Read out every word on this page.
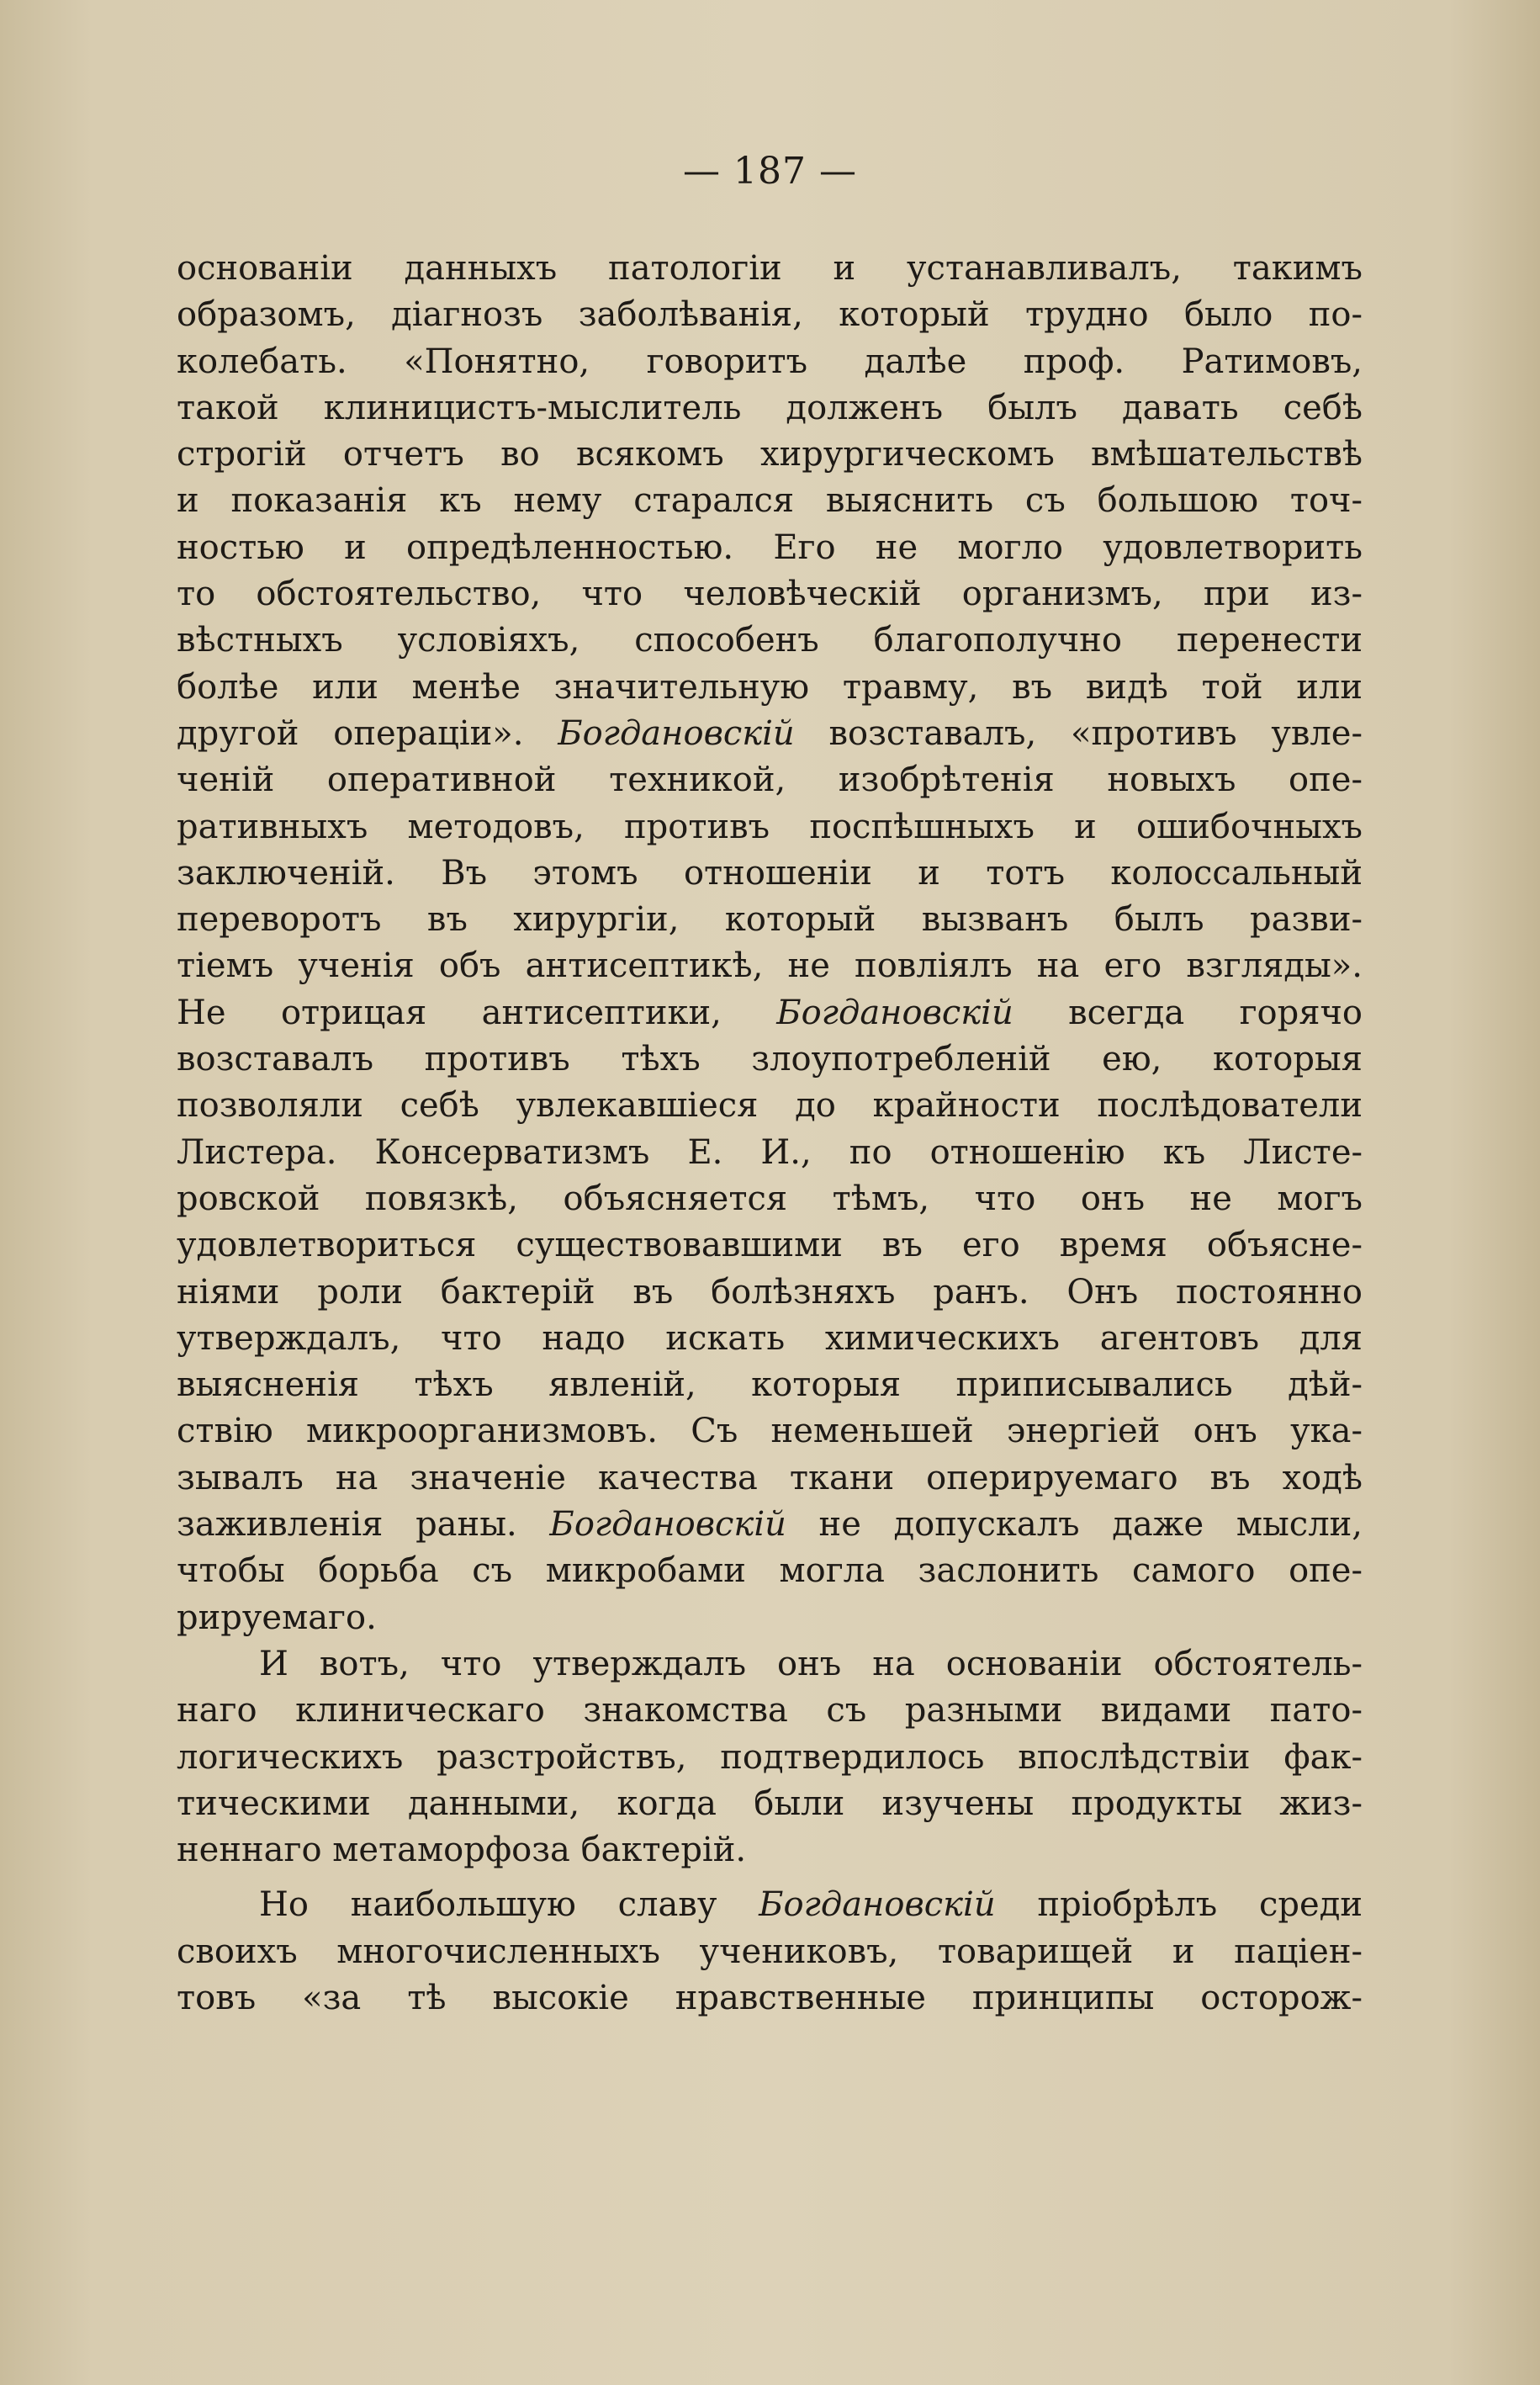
— 187 —
основаніи данныхъ патологіи и устанавливалъ, такимъ
образомъ, діагнозъ заболѣванія, который трудно было по-
колебать. «Понятно, говоритъ далѣе проф. Ратимовъ,
такой клиницистъ-мыслитель долженъ былъ давать себѣ
строгій отчетъ во всякомъ хирургическомъ вмѣшательствѣ
и показанія къ нему старался выяснить съ большою точ-
ностью и опредѣленностью. Его не могло удовлетворить
то обстоятельство, что человѣческій организмъ, при из-
вѣстныхъ условіяхъ, способенъ благополучно перенести
болѣе или менѣе значительную травму, въ видѣ той или
другой операціи». Богдановскій возставалъ, «противъ увле-
ченій оперативной техникой, изобрѣтенія новыхъ опе-
ративныхъ методовъ, противъ поспѣшныхъ и ошибочныхъ
заключеній. Въ этомъ отношеніи и тотъ колоссальный
переворотъ въ хирургіи, который вызванъ былъ разви-
тіемъ ученія объ антисептикѣ, не повліялъ на его взгляды».
Не отрицая антисептики, Богдановскій всегда горячо
возставалъ противъ тѣхъ злоупотребленій ею, которыя
позволяли себѣ увлекавшіеся до крайности послѣдователи
Листера. Консерватизмъ Е. И., по отношенію къ Листе-
ровской повязкѣ, объясняется тѣмъ, что онъ не могъ
удовлетвориться существовавшими въ его время объясне-
ніями роли бактерій въ болѣзняхъ ранъ. Онъ постоянно
утверждалъ, что надо искать химическихъ агентовъ для
выясненія тѣхъ явленій, которыя приписывались дѣй-
ствію микроорганизмовъ. Съ неменьшей энергіей онъ ука-
зывалъ на значеніе качества ткани оперируемаго въ ходѣ
заживленія раны. Богдановскій не допускалъ даже мысли,
чтобы борьба съ микробами могла заслонить самого опе-
рируемаго.
И вотъ, что утверждалъ онъ на основаніи обстоятель-
наго клиническаго знакомства съ разными видами пато-
логическихъ разстройствъ, подтвердилось впослѣдствіи фак-
тическими данными, когда были изучены продукты жиз-
неннаго метаморфоза бактерій.
Но наибольшую славу Богдановскій пріобрѣлъ среди
своихъ многочисленныхъ учениковъ, товарищей и паціен-
товъ «за тѣ высокіе нравственные принципы осторож-
